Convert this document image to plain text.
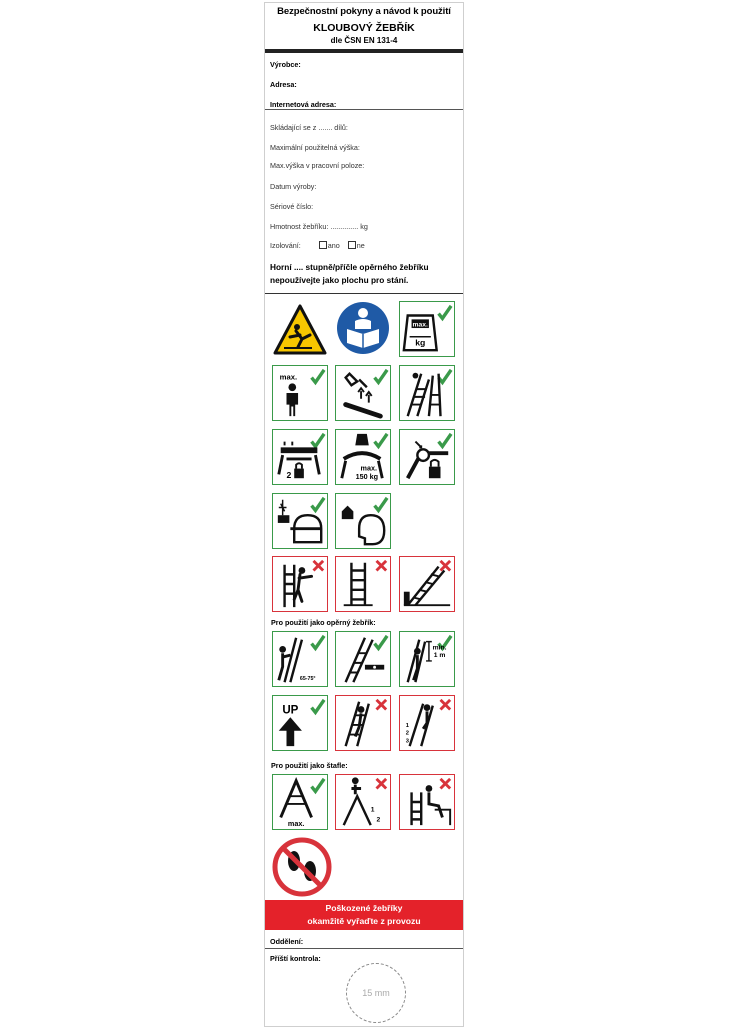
Bezpečnostní pokyny a návod k použití
KLOUBOVÝ ŽEBŘÍK
dle ČSN EN 131-4
Výrobce:
Adresa:
Internetová adresa:
Skládající se z ....... dílů:
Maximální použitelná výška:
Max.výška v pracovní poloze:
Datum výroby:
Sériové číslo:
Hmotnost žebříku: .............. kg
Izolování:	ano ne
Horní .... stupně/příčle opěrného žebříku
nepoužívejte jako plochu pro stání.
max.
kg
max.
2
max.
150 kg
Pro použití jako opěrný žebřík:
65-75°
min.
1 m
UP
1
2
3
Pro použití jako štafle:
max.
1
2
Poškozené žebříky
okamžitě vyřaďte z provozu
Oddělení:
Příští kontrola:
15 mm
